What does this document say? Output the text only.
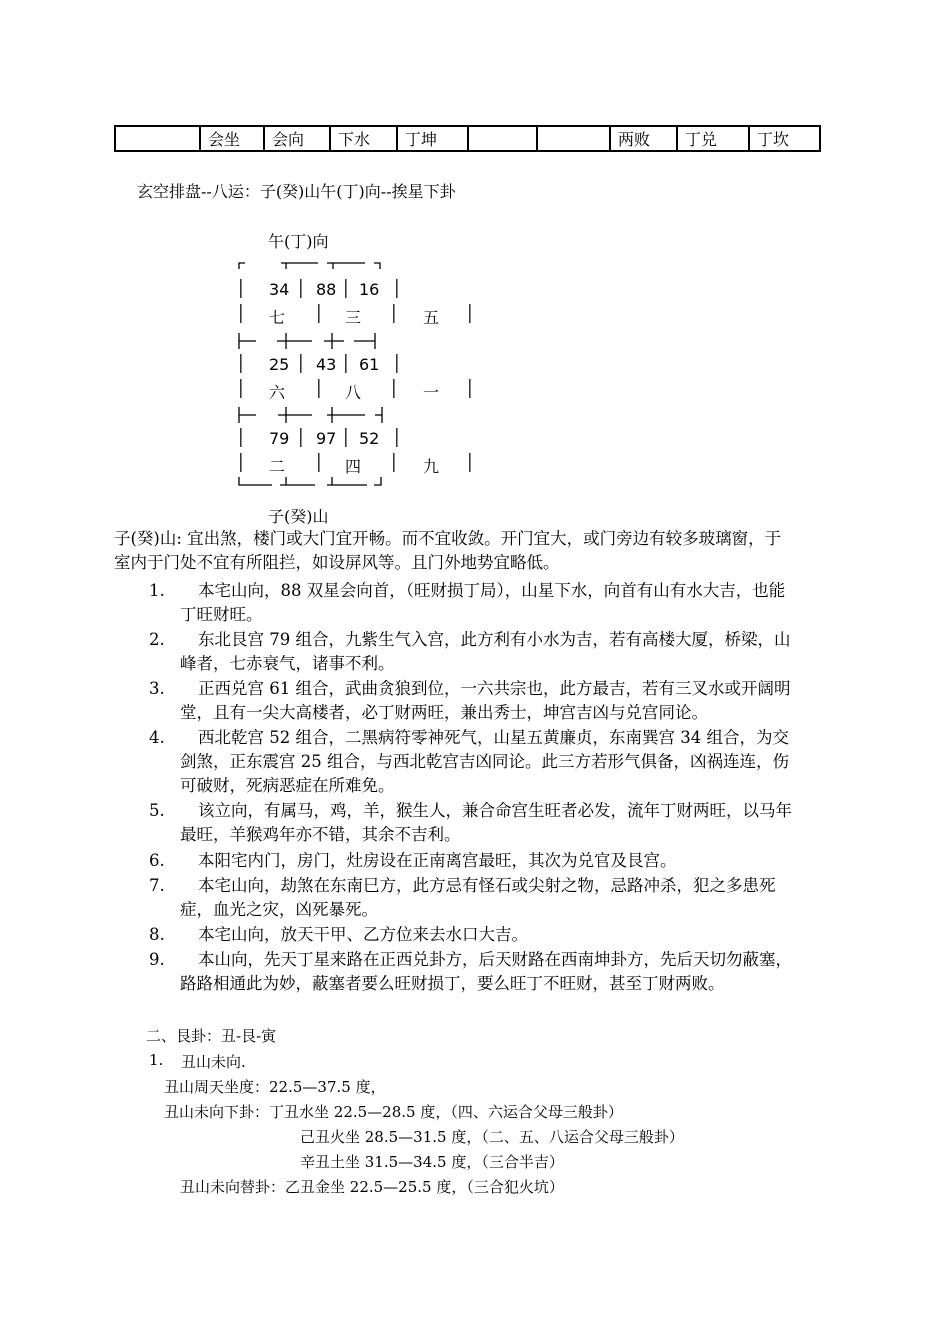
	会坐	会向	下水	丁坤			两败	丁兑	丁坎
玄空排盘--八运：子(癸)山午(丁)向--挨星下卦
午(丁)向
│
│
│
│
│
│
34 │ 88 │ 16 │
七 │ 三 │ 五 │
25 │ 43 │ 61 │
六 │ 八 │ 一 │
79 │ 97 │ 52 │
二 │ 四 │ 九 │
子(癸)山
子(癸)山: 宜出煞，楼门或大门宜开畅。而不宜收敛。开门宜大，或门旁边有较多玻璃窗，于
室内于门处不宜有所阻拦，如设屏风等。且门外地势宜略低。
1. 本宅山向，88 双星会向首，（旺财损丁局），山星下水，向首有山有水大吉，也能
丁旺财旺。
2. 东北艮宫 79 组合，九紫生气入宫，此方利有小水为吉，若有高楼大厦，桥梁，山
峰者，七赤衰气，诸事不利。
3. 正西兑宫 61 组合，武曲贪狼到位，一六共宗也，此方最吉，若有三叉水或开阔明
堂，且有一尖大高楼者，必丁财两旺，兼出秀士，坤宫吉凶与兑宫同论。
4. 西北乾宫 52 组合，二黑病符零神死气，山星五黄廉贞，东南巽宫 34 组合，为交
剑煞，正东震宫 25 组合，与西北乾宫吉凶同论。此三方若形气俱备，凶祸连连，伤
可破财，死病恶症在所难免。
5. 该立向，有属马，鸡，羊，猴生人，兼合命宫生旺者必发，流年丁财两旺，以马年
最旺，羊猴鸡年亦不错，其余不吉利。
6. 本阳宅内门，房门，灶房设在正南离宫最旺，其次为兑官及艮宫。
7. 本宅山向，劫煞在东南巳方，此方忌有怪石或尖射之物，忌路冲杀，犯之多患死
症，血光之灾，凶死暴死。
8. 本宅山向，放天干甲、乙方位来去水口大吉。
9. 本山向，先天丁星来路在正西兑卦方，后天财路在西南坤卦方，先后天切勿蔽塞，
路路相通此为妙，蔽塞者要么旺财损丁，要么旺丁不旺财，甚至丁财两败。
二、艮卦：丑-艮-寅
1. 丑山未向.
丑山周天坐度：22.5—37.5 度，
丑山未向下卦：丁丑水坐 22.5—28.5 度，（四、六运合父母三般卦）
己丑火坐 28.5—31.5 度，（二、五、八运合父母三般卦）
辛丑土坐 31.5—34.5 度，（三合半吉）
丑山未向替卦：乙丑金坐 22.5—25.5 度，（三合犯火坑）
